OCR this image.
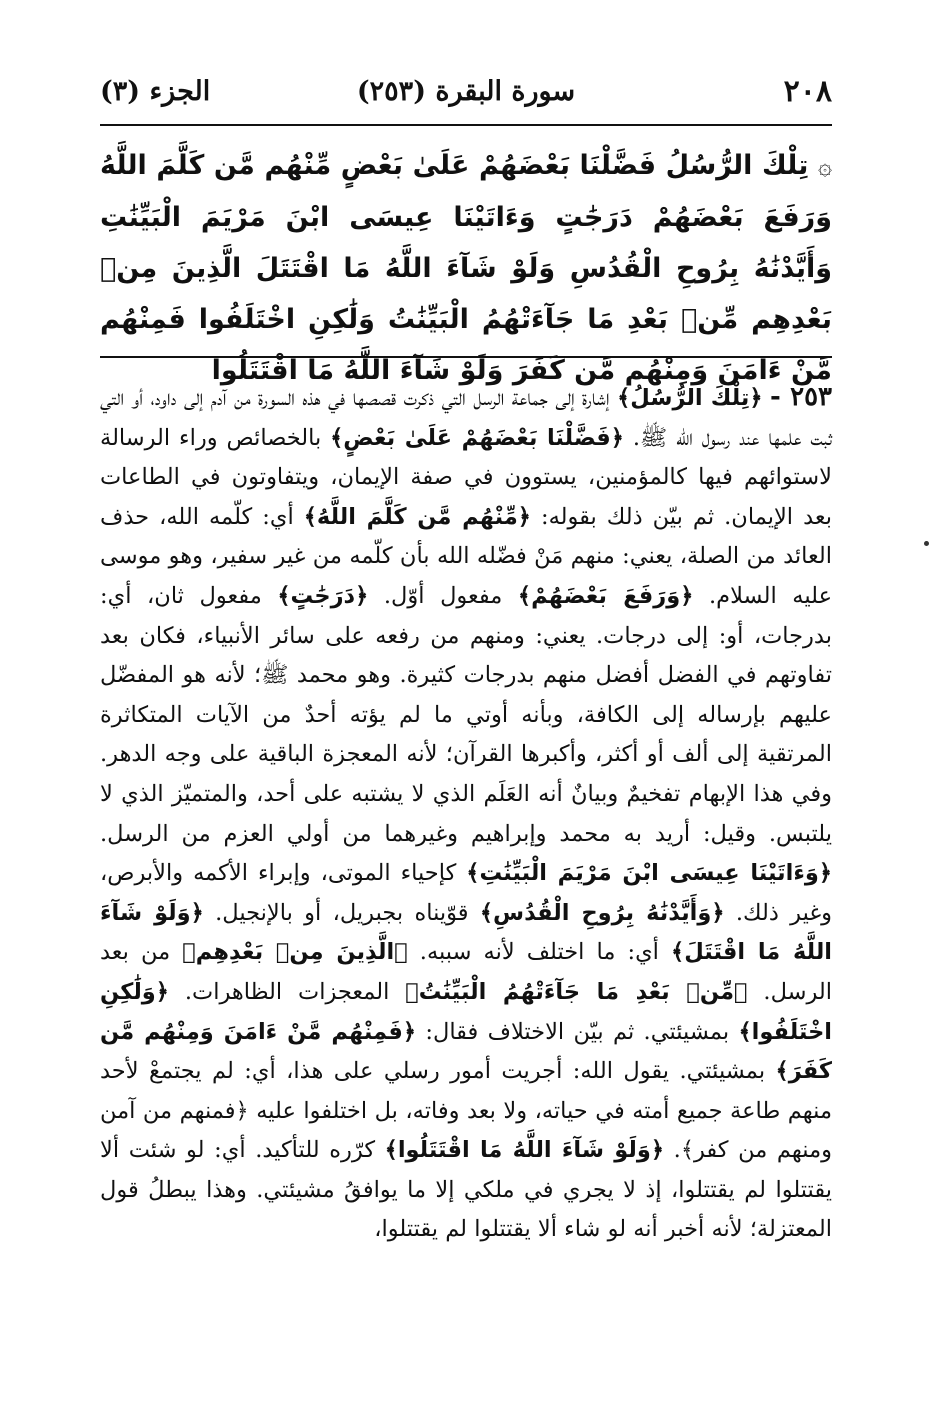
٢٠٨
سورة البقرة (٢٥٣)
الجزء (٣)
۞ تِلْكَ الرُّسُلُ فَضَّلْنَا بَعْضَهُمْ عَلَىٰ بَعْضٍ مِّنْهُم مَّن كَلَّمَ اللَّهُ وَرَفَعَ بَعْضَهُمْ دَرَجَٰتٍ وَءَاتَيْنَا عِيسَى ابْنَ مَرْيَمَ الْبَيِّنَٰتِ وَأَيَّدْنَٰهُ بِرُوحِ الْقُدُسِ وَلَوْ شَآءَ اللَّهُ مَا اقْتَتَلَ الَّذِينَ مِنۢ بَعْدِهِم مِّنۢ بَعْدِ مَا جَآءَتْهُمُ الْبَيِّنَٰتُ وَلَٰكِنِ اخْتَلَفُوا فَمِنْهُم مَّنْ ءَامَنَ وَمِنْهُم مَّن كَفَرَ وَلَوْ شَآءَ اللَّهُ مَا اقْتَتَلُوا
٢٥٣ - ﴿تِلْكَ الرُّسُلُ﴾ إشارة إلى جماعة الرسل التي ذكرت قصصها في هذه السورة من آدم إلى داود، أو التي ثبت علمها عند رسول الله ﷺ. ﴿فَضَّلْنَا بَعْضَهُمْ عَلَىٰ بَعْضٍ﴾ بالخصائص وراء الرسالة لاستوائهم فيها كالمؤمنين، يستوون في صفة الإيمان، ويتفاوتون في الطاعات بعد الإيمان. ثم بيّن ذلك بقوله: ﴿مِّنْهُم مَّن كَلَّمَ اللَّهُ﴾ أي: كلّمه الله، حذف العائد من الصلة، يعني: منهم مَنْ فضّله الله بأن كلّمه من غير سفير، وهو موسى عليه السلام. ﴿وَرَفَعَ بَعْضَهُمْ﴾ مفعول أوّل. ﴿دَرَجَٰتٍ﴾ مفعول ثان، أي: بدرجات، أو: إلى درجات. يعني: ومنهم من رفعه على سائر الأنبياء، فكان بعد تفاوتهم في الفضل أفضل منهم بدرجات كثيرة. وهو محمد ﷺ؛ لأنه هو المفضّل عليهم بإرساله إلى الكافة، وبأنه أوتي ما لم يؤته أحدٌ من الآيات المتكاثرة المرتقية إلى ألف أو أكثر، وأكبرها القرآن؛ لأنه المعجزة الباقية على وجه الدهر. وفي هذا الإبهام تفخيمٌ وبيانٌ أنه العَلَم الذي لا يشتبه على أحد، والمتميّز الذي لا يلتبس. وقيل: أريد به محمد وإبراهيم وغيرهما من أولي العزم من الرسل. ﴿وَءَاتَيْنَا عِيسَى ابْنَ مَرْيَمَ الْبَيِّنَٰتِ﴾ كإحياء الموتى، وإبراء الأكمه والأبرص، وغير ذلك. ﴿وَأَيَّدْنَٰهُ بِرُوحِ الْقُدُسِ﴾ قوّيناه بجبريل، أو بالإنجيل. ﴿وَلَوْ شَآءَ اللَّهُ مَا اقْتَتَلَ﴾ أي: ما اختلف لأنه سببه. ﴿الَّذِينَ مِنۢ بَعْدِهِم﴾ من بعد الرسل. ﴿مِّنۢ بَعْدِ مَا جَآءَتْهُمُ الْبَيِّنَٰتُ﴾ المعجزات الظاهرات. ﴿وَلَٰكِنِ اخْتَلَفُوا﴾ بمشيئتي. ثم بيّن الاختلاف فقال: ﴿فَمِنْهُم مَّنْ ءَامَنَ وَمِنْهُم مَّن كَفَرَ﴾ بمشيئتي. يقول الله: أجريت أمور رسلي على هذا، أي: لم يجتمعْ لأحد منهم طاعة جميع أمته في حياته، ولا بعد وفاته، بل اختلفوا عليه ﴿فمنهم من آمن ومنهم من كفر﴾. ﴿وَلَوْ شَآءَ اللَّهُ مَا اقْتَتَلُوا﴾ كرّره للتأكيد. أي: لو شئت ألا يقتتلوا لم يقتتلوا، إذ لا يجري في ملكي إلا ما يوافقُ مشيئتي. وهذا يبطلُ قول المعتزلة؛ لأنه أخبر أنه لو شاء ألا يقتتلوا لم يقتتلوا،
